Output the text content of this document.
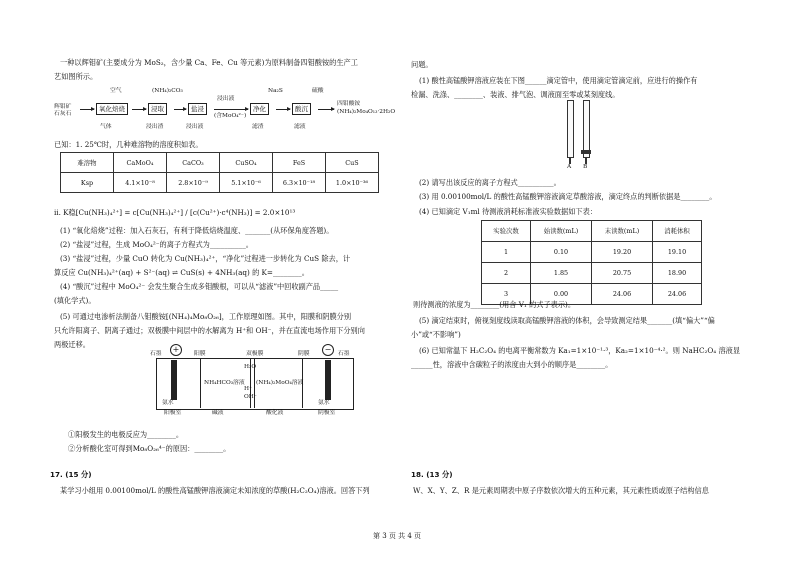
一种以辉钼矿(主要成分为 MoS₂，含少量 Ca、Fe、Cu 等元素)为原料制备四钼酸铵的生产工
艺如图所示。
辉钼矿
石灰石
空气	(NH₄)₂CO₃	Na₂S	硫酸
氧化焙烧	浸取	盐浸
浸出液
(含MoO₄²⁻)
净化	酸沉
四钼酸铵
(NH₄)₂Mo₄O₁₃·2H₂O
气体	浸出渣	浸出液	滤渣	滤液
已知：1. 25℃时，几种难溶物的溶度积如表。
难溶物	CaMoO₄	CaCO₃	CuSO₄	FeS	CuS
Ksp	4.1×10⁻⁸	2.8×10⁻⁹	5.1×10⁻⁶	6.3×10⁻¹⁸	1.0×10⁻³⁶
ii. K稳[Cu(NH₃)₄²⁺] = c[Cu(NH₃)₄²⁺] / [c(Cu²⁺)·c⁴(NH₃)] = 2.0×10¹³
(1) “氧化焙烧”过程：加入石灰石，有利于降低焙烧温度、_______(从环保角度答题)。
(2) “盐浸”过程，生成 MoO₄²⁻的离子方程式为__________。
(3) “盐浸”过程，少量 CuO 转化为 Cu(NH₃)₄²⁺，“净化”过程进一步转化为 CuS 除去，计
算反应 Cu(NH₃)₄²⁺(aq) + S²⁻(aq) ⇌ CuS(s) + 4NH₃(aq) 的 K=________。
(4) “酸沉”过程中 MoO₄²⁻ 会发生聚合生成多钼酸根，可以从“滤液”中回收副产品_____
(填化学式)。
(5) 可通过电渗析法制备八钼酸铵[(NH₄)₄Mo₈O₂₆]，工作原理如图。其中，阳膜和阴膜分别
只允许阳离子、阴离子通过；双极膜中间层中的水解离为 H⁺和 OH⁻，并在直流电场作用下分别向
两极迁移。
+	−
石墨	石墨
阳膜	双极膜	阴膜
NH₄HCO₃溶液 (NH₄)₂MoO₄溶液
H₂O
H⁺
OH⁻
氨水	氨水
阳极室	碱液	酸化液	阴极室
①阳极发生的电极反应为________。
②分析酸化室可得到Mo₈O₂₆⁴⁻的原因：________。
17. (15 分)
某学习小组用 0.00100mol/L 的酸性高锰酸钾溶液滴定未知浓度的草酸(H₂C₂O₄)溶液。回答下列
问题。
(1) 酸性高锰酸钾溶液应装在下图______滴定管中，使用滴定管滴定前，应进行的操作有
检漏、洗涤、________、装液、排气泡、调液面至零或某刻度线。
A B
(2) 请写出该反应的离子方程式__________。
(3) 用 0.00100mol/L 的酸性高锰酸钾溶液滴定草酸溶液，滴定终点的判断依据是________。
(4) 已知滴定 V₁ml 待测液消耗标准液实验数据如下表：
实验次数	始读数(mL)	末读数(mL)	消耗体积
1	0.10	19.20	19.10
2	1.85	20.75	18.90
3	0.00	24.06	24.06
则待测液的浓度为________(用含 V₁ 的式子表示)。
(5) 滴定结束时，俯视刻度线读取高锰酸钾溶液的体积，会导致测定结果_______(填“偏大”“偏
小”或“不影响”)
(6) 已知常温下 H₂C₂O₄ 的电离平衡常数为 Ka₁=1×10⁻¹·³，Ka₂=1×10⁻⁴·²。则 NaHC₂O₄ 溶液显
______性，溶液中含碳粒子的浓度由大到小的顺序是________。
18. (13 分)
W、X、Y、Z、R 是元素周期表中原子序数依次增大的五种元素，其元素性质或原子结构信息
第 3 页 共 4 页
